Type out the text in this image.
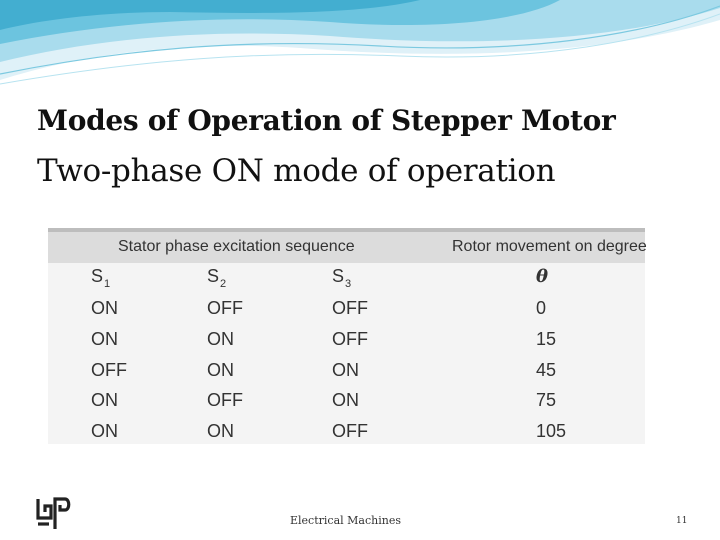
Modes of Operation of Stepper Motor
Two-phase ON mode of operation
Stator phase excitation sequence	Rotor movement on degree
$S_1$	$S_2$	$S_3$	θ
ON	OFF	OFF	0
ON	ON	OFF	15
OFF	ON	ON	45
ON	OFF	ON	75
ON	ON	OFF	105
Electrical Machines	11
